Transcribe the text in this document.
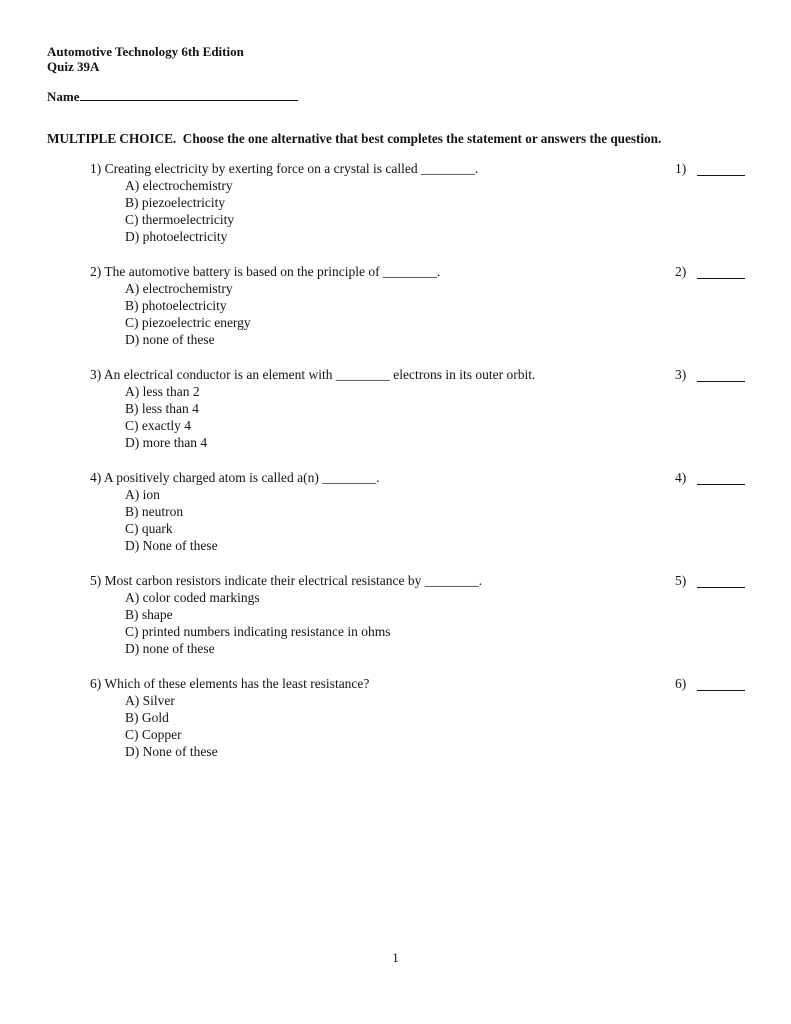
Automotive Technology 6th Edition
Quiz 39A
Name
MULTIPLE CHOICE.  Choose the one alternative that best completes the statement or answers the question.
1) Creating electricity by exerting force on a crystal is called ________.
A) electrochemistry
B) piezoelectricity
C) thermoelectricity
D) photoelectricity
1)
2) The automotive battery is based on the principle of ________.
A) electrochemistry
B) photoelectricity
C) piezoelectric energy
D) none of these
2)
3) An electrical conductor is an element with ________ electrons in its outer orbit.
A) less than 2
B) less than 4
C) exactly 4
D) more than 4
3)
4) A positively charged atom is called a(n) ________.
A) ion
B) neutron
C) quark
D) None of these
4)
5) Most carbon resistors indicate their electrical resistance by ________.
A) color coded markings
B) shape
C) printed numbers indicating resistance in ohms
D) none of these
5)
6) Which of these elements has the least resistance?
A) Silver
B) Gold
C) Copper
D) None of these
6)
1
